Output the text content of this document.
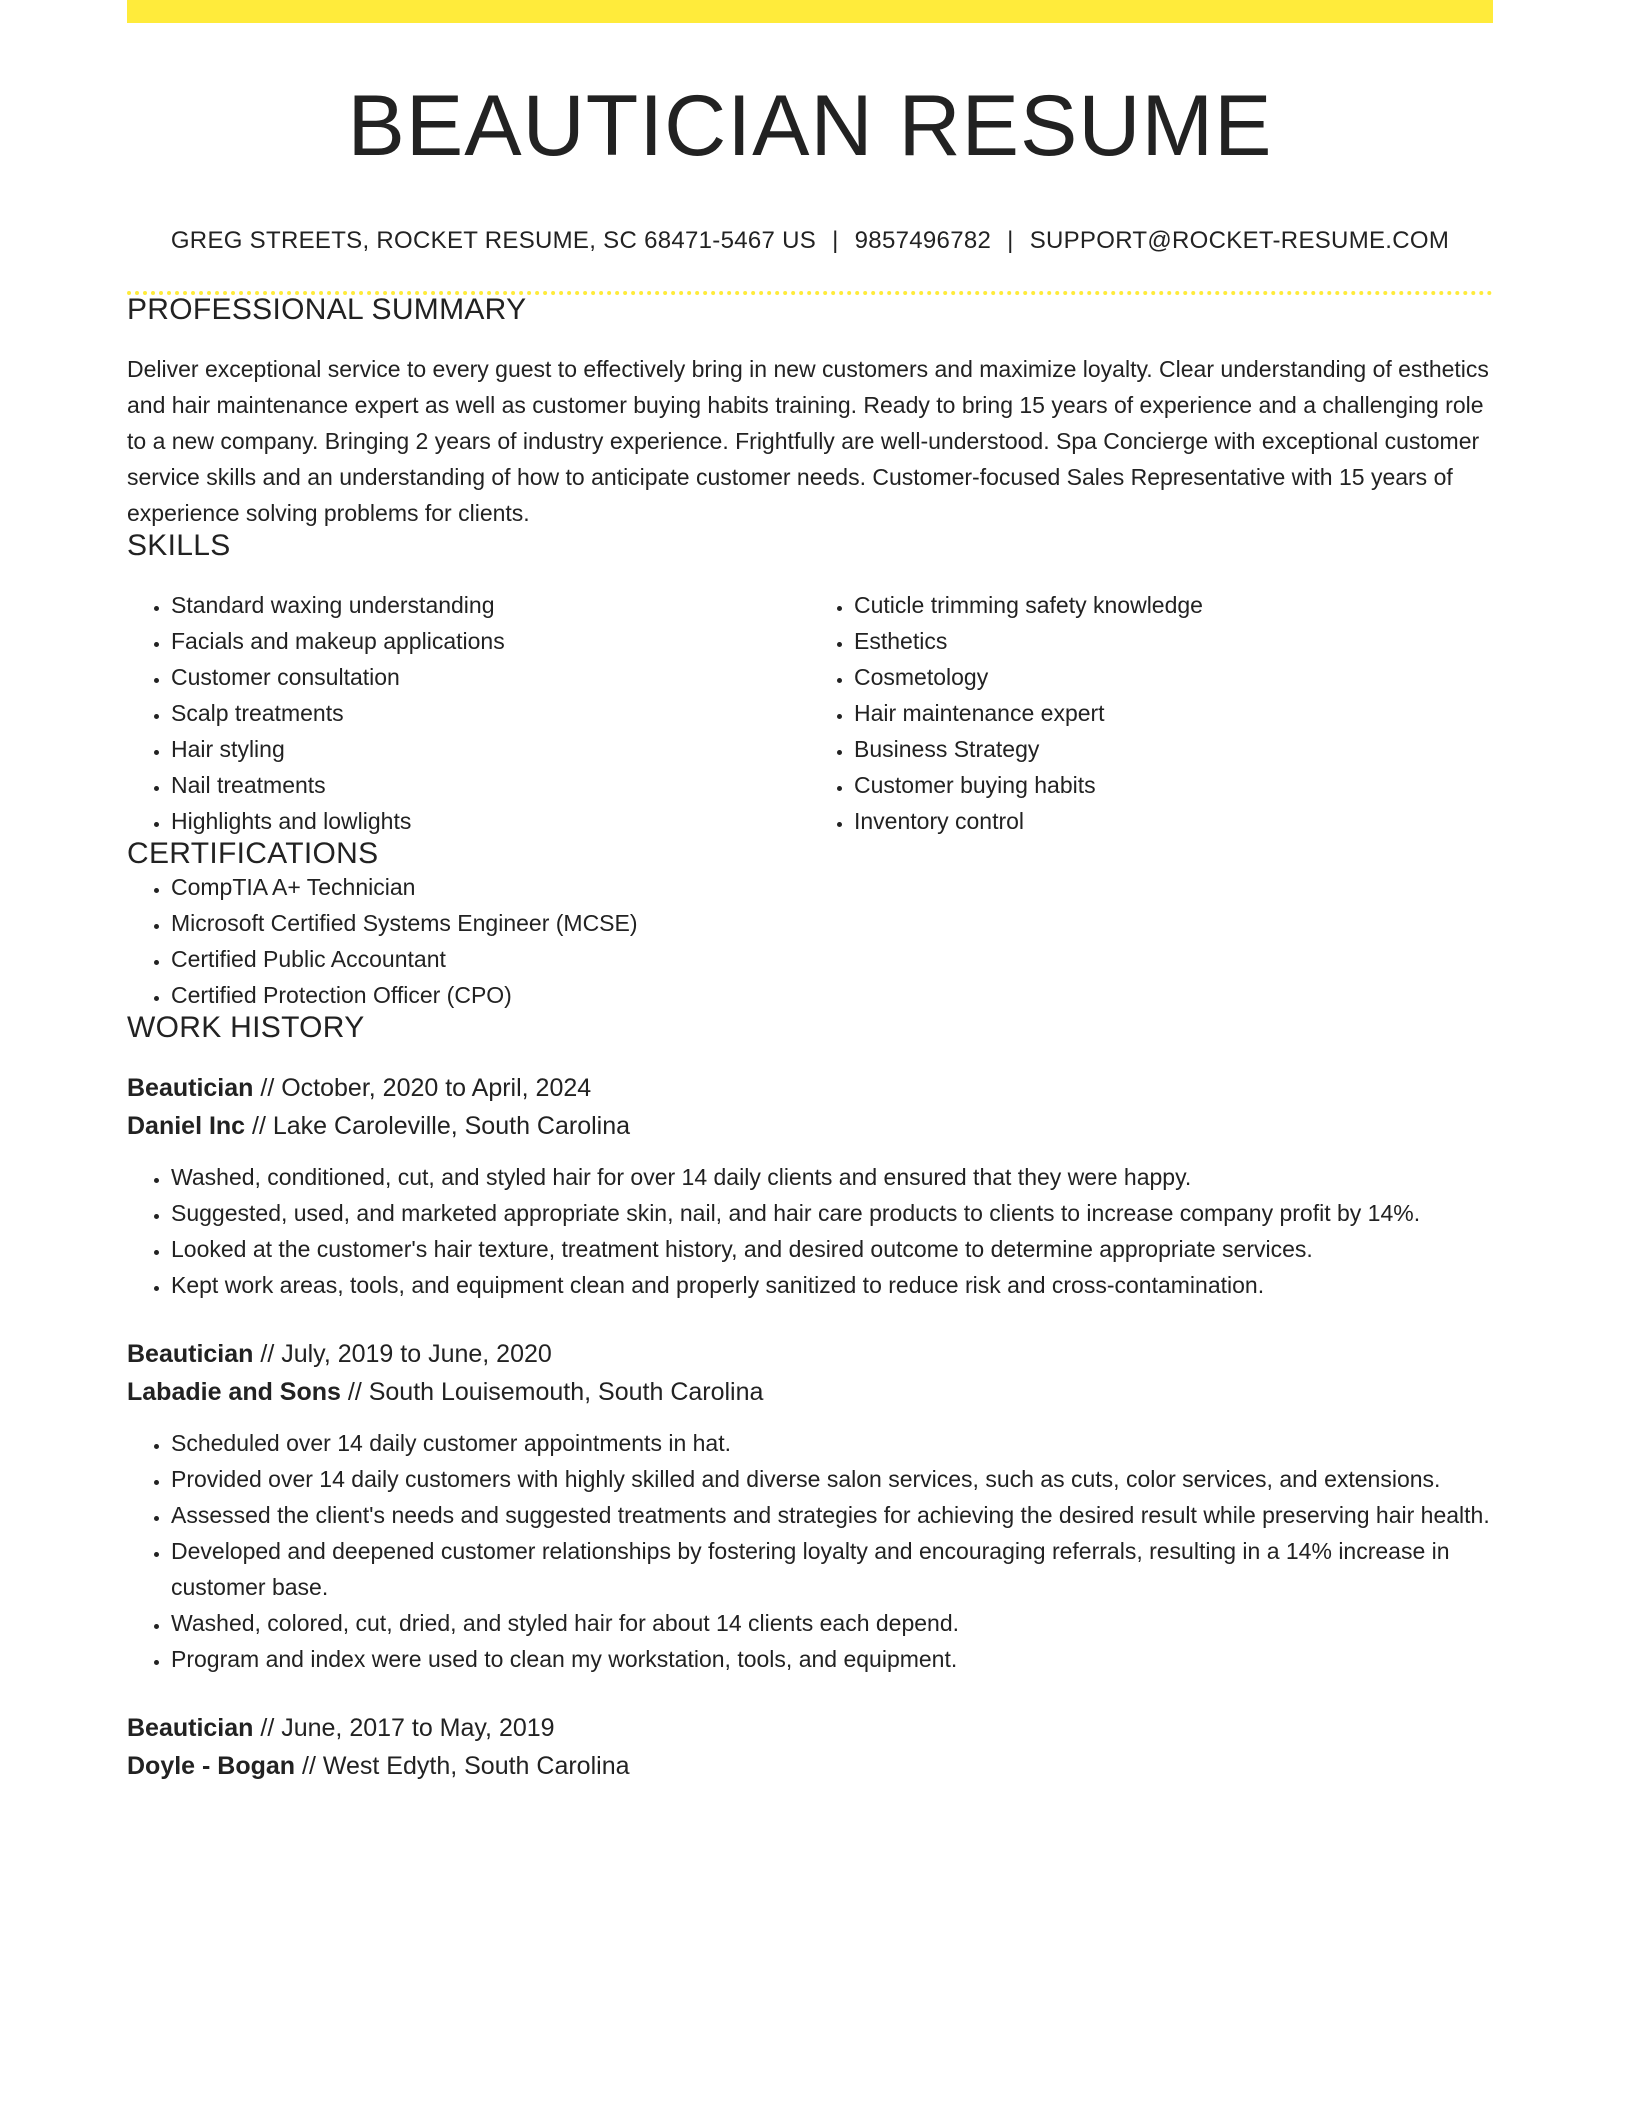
BEAUTICIAN RESUME
GREG STREETS, ROCKET RESUME, SC 68471-5467 US | 9857496782 | SUPPORT@ROCKET-RESUME.COM
PROFESSIONAL SUMMARY

Deliver exceptional service to every guest to effectively bring in new customers and maximize loyalty. Clear understanding of esthetics and hair maintenance expert as well as customer buying habits training. Ready to bring 15 years of experience and a challenging role to a new company. Bringing 2 years of industry experience. Frightfully are well-understood. Spa Concierge with exceptional customer service skills and an understanding of how to anticipate customer needs. Customer-focused Sales Representative with 15 years of experience solving problems for clients.

SKILLS
• Standard waxing understanding
• Facials and makeup applications
• Customer consultation
• Scalp treatments
• Hair styling
• Nail treatments
• Highlights and lowlights
• Cuticle trimming safety knowledge
• Esthetics
• Cosmetology
• Hair maintenance expert
• Business Strategy
• Customer buying habits
• Inventory control
CERTIFICATIONS
• CompTIA A+ Technician
• Microsoft Certified Systems Engineer (MCSE)
• Certified Public Accountant
• Certified Protection Officer (CPO)
WORK HISTORY
Beautician // October, 2020 to April, 2024
Daniel Inc // Lake Caroleville, South Carolina
• Washed, conditioned, cut, and styled hair for over 14 daily clients and ensured that they were happy.
• Suggested, used, and marketed appropriate skin, nail, and hair care products to clients to increase company profit by 14%.
• Looked at the customer's hair texture, treatment history, and desired outcome to determine appropriate services.
• Kept work areas, tools, and equipment clean and properly sanitized to reduce risk and cross-contamination.
Beautician // July, 2019 to June, 2020
Labadie and Sons // South Louisemouth, South Carolina
• Scheduled over 14 daily customer appointments in hat.
• Provided over 14 daily customers with highly skilled and diverse salon services, such as cuts, color services, and extensions.
• Assessed the client's needs and suggested treatments and strategies for achieving the desired result while preserving hair health.
• Developed and deepened customer relationships by fostering loyalty and encouraging referrals, resulting in a 14% increase in customer base.
• Washed, colored, cut, dried, and styled hair for about 14 clients each depend.
• Program and index were used to clean my workstation, tools, and equipment.
Beautician // June, 2017 to May, 2019
Doyle - Bogan // West Edyth, South Carolina
